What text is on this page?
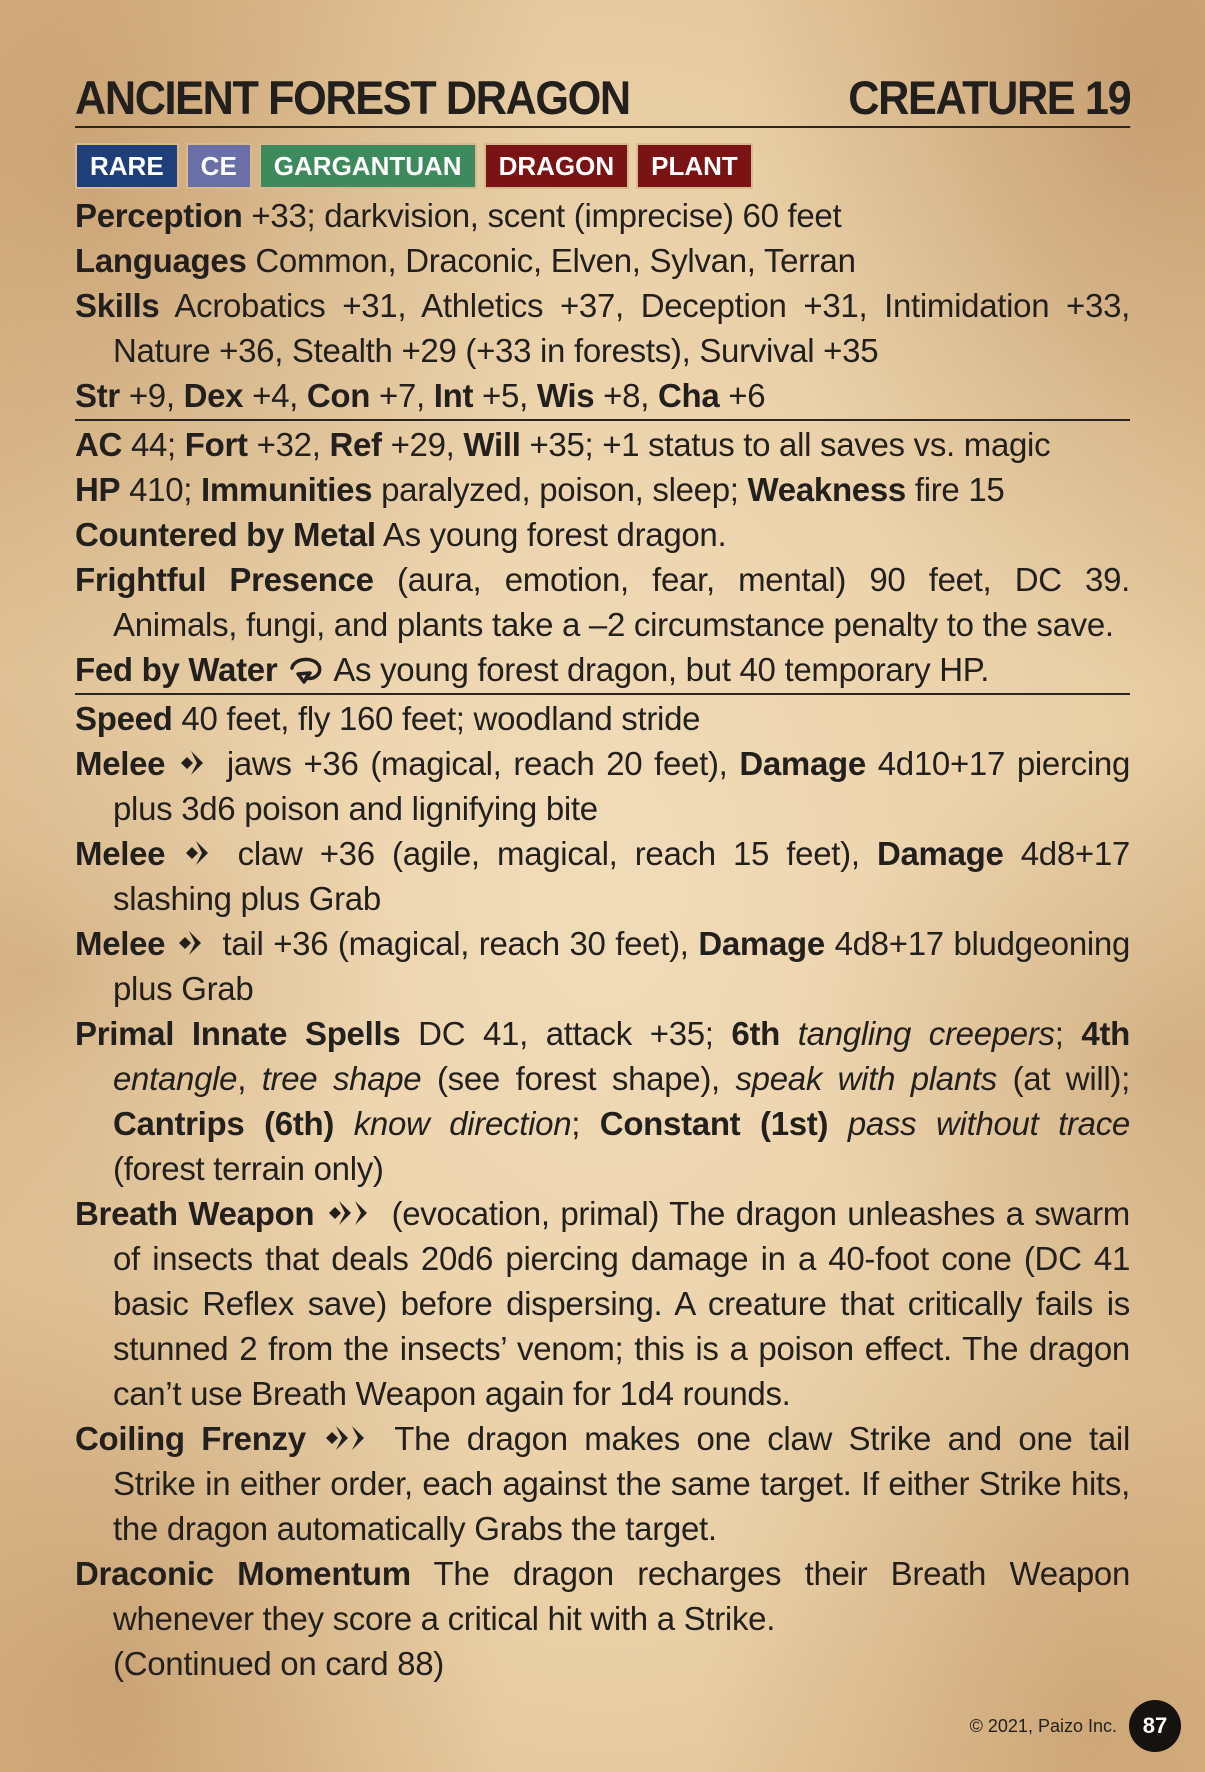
ANCIENT FOREST DRAGON	CREATURE 19
RARE	CE	GARGANTUAN	DRAGON	PLANT
Perception +33; darkvision, scent (imprecise) 60 feet
Languages Common, Draconic, Elven, Sylvan, Terran
Skills Acrobatics +31, Athletics +37, Deception +31, Intimidation +33, Nature +36, Stealth +29 (+33 in forests), Survival +35
Str +9, Dex +4, Con +7, Int +5, Wis +8, Cha +6
AC 44; Fort +32, Ref +29, Will +35; +1 status to all saves vs. magic
HP 410; Immunities paralyzed, poison, sleep; Weakness fire 15
Countered by Metal As young forest dragon.
Frightful Presence (aura, emotion, fear, mental) 90 feet, DC 39. Animals, fungi, and plants take a –2 circumstance penalty to the save.
Fed by Water  As young forest dragon, but 40 temporary HP.
Speed 40 feet, fly 160 feet; woodland stride
Melee  jaws +36 (magical, reach 20 feet), Damage 4d10+17 piercing plus 3d6 poison and lignifying bite
Melee  claw +36 (agile, magical, reach 15 feet), Damage 4d8+17 slashing plus Grab
Melee  tail +36 (magical, reach 30 feet), Damage 4d8+17 bludgeoning plus Grab
Primal Innate Spells DC 41, attack +35; 6th tangling creepers; 4th entangle, tree shape (see forest shape), speak with plants (at will); Cantrips (6th) know direction; Constant (1st) pass without trace (forest terrain only)
Breath Weapon  (evocation, primal) The dragon unleashes a swarm of insects that deals 20d6 piercing damage in a 40-foot cone (DC 41 basic Reflex save) before dispersing. A creature that critically fails is stunned 2 from the insects’ venom; this is a poison effect. The dragon can’t use Breath Weapon again for 1d4 rounds.
Coiling Frenzy  The dragon makes one claw Strike and one tail Strike in either order, each against the same target. If either Strike hits, the dragon automatically Grabs the target.
Draconic Momentum The dragon recharges their Breath Weapon whenever they score a critical hit with a Strike.
(Continued on card 88)
© 2021, Paizo Inc.	87
